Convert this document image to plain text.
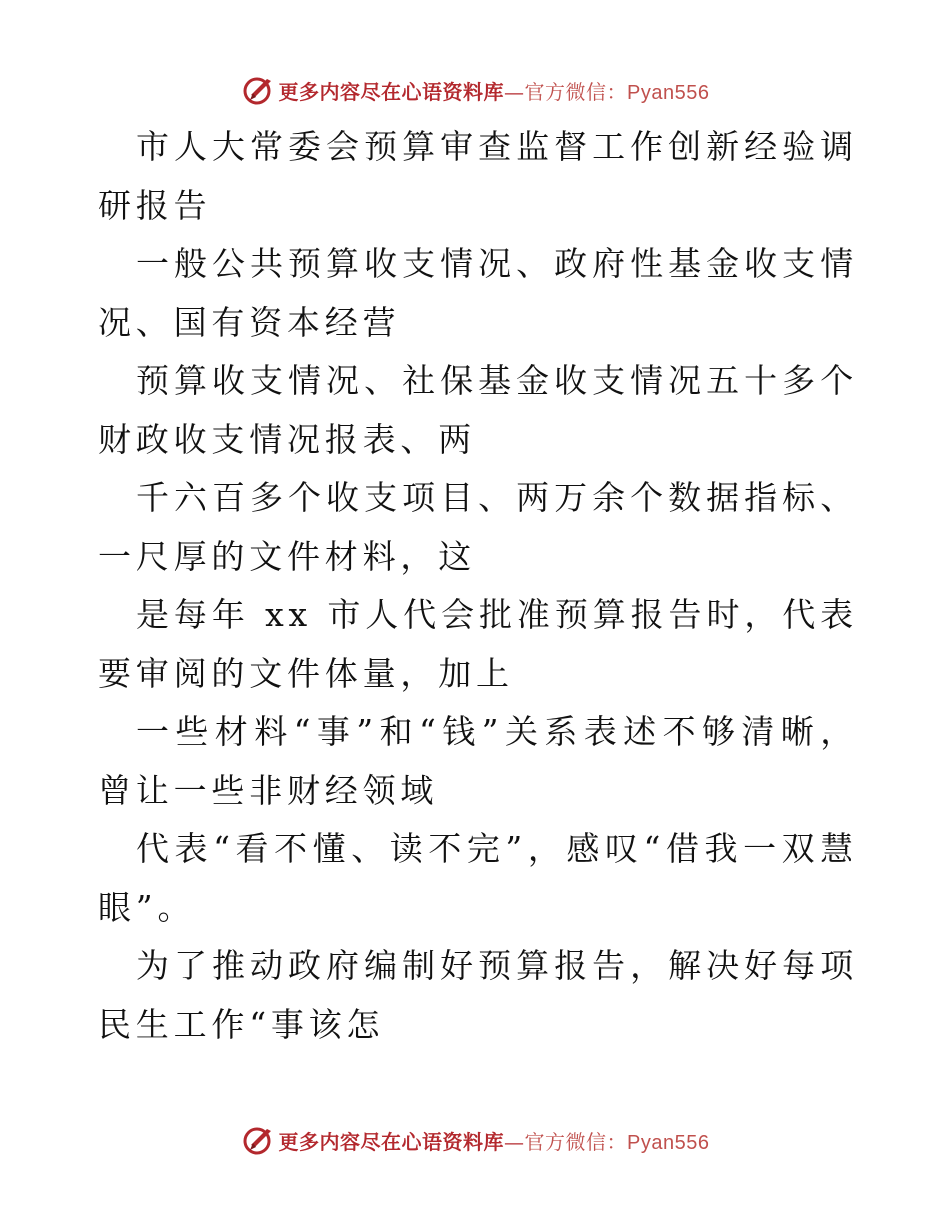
更多内容尽在心语资料库—官方微信：Pyan556

市人大常委会预算审查监督工作创新经验调研报告

一般公共预算收支情况、政府性基金收支情况、国有资本经营

预算收支情况、社保基金收支情况五十多个财政收支情况报表、两

千六百多个收支项目、两万余个数据指标、一尺厚的文件材料，这

是每年 xx 市人代会批准预算报告时，代表要审阅的文件体量，加上

一些材料“事”和“钱”关系表述不够清晰，曾让一些非财经领域

代表“看不懂、读不完”，感叹“借我一双慧眼”。

为了推动政府编制好预算报告，解决好每项民生工作“事该怎

更多内容尽在心语资料库—官方微信：Pyan556
